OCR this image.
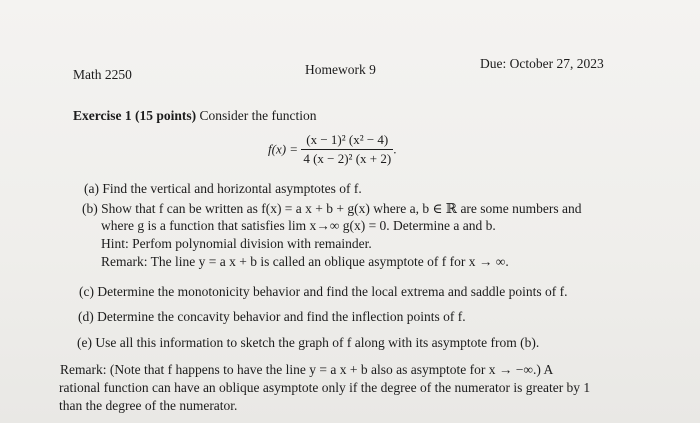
Math 2250	Homework 9	Due: October 27, 2023
Exercise 1 (15 points) Consider the function
$f(x) = \frac{\text{(x − 1)² (x² − 4)}}{\text{4 (x − 2)² (x + 2)}}$ .
(a) Find the vertical and horizontal asymptotes of f.
(b) Show that f can be written as f(x) = a x + b + g(x) where a, b ∈ ℝ are some numbers and
where g is a function that satisfies lim x→∞ g(x) = 0. Determine a and b.
Hint: Perfom polynomial division with remainder.
Remark: The line y = a x + b is called an oblique asymptote of f for x → ∞.
(c) Determine the monotonicity behavior and find the local extrema and saddle points of f.
(d) Determine the concavity behavior and find the inflection points of f.
(e) Use all this information to sketch the graph of f along with its asymptote from (b).
Remark: (Note that f happens to have the line y = a x + b also as asymptote for x → −∞.) A
rational function can have an oblique asymptote only if the degree of the numerator is greater by 1
than the degree of the numerator.
